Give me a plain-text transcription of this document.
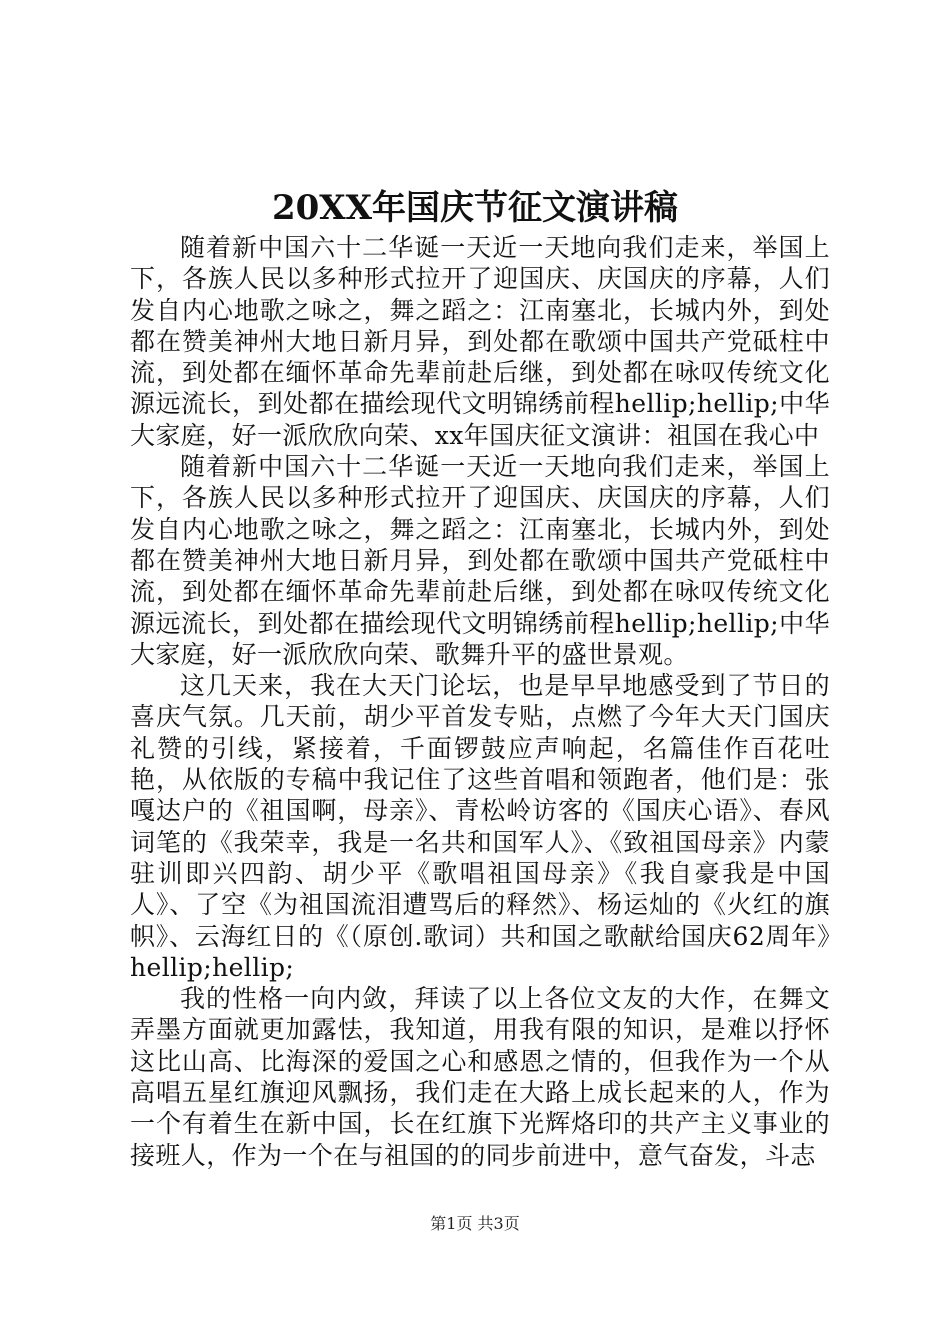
20XX年国庆节征文演讲稿

随着新中国六十二华诞一天近一天地向我们走来，举国上下，各族人民以多种形式拉开了迎国庆、庆国庆的序幕，人们发自内心地歌之咏之，舞之蹈之：江南塞北，长城内外，到处都在赞美神州大地日新月异，到处都在歌颂中国共产党砥柱中流，到处都在缅怀革命先辈前赴后继，到处都在咏叹传统文化源远流长，到处都在描绘现代文明锦绣前程hellip;hellip;中华大家庭，好一派欣欣向荣、xx年国庆征文演讲：祖国在我心中

随着新中国六十二华诞一天近一天地向我们走来，举国上下，各族人民以多种形式拉开了迎国庆、庆国庆的序幕，人们发自内心地歌之咏之，舞之蹈之：江南塞北，长城内外，到处都在赞美神州大地日新月异，到处都在歌颂中国共产党砥柱中流，到处都在缅怀革命先辈前赴后继，到处都在咏叹传统文化源远流长，到处都在描绘现代文明锦绣前程hellip;hellip;中华大家庭，好一派欣欣向荣、歌舞升平的盛世景观。

这几天来，我在大天门论坛，也是早早地感受到了节日的喜庆气氛。几天前，胡少平首发专贴，点燃了今年大天门国庆礼赞的引线，紧接着，千面锣鼓应声响起，名篇佳作百花吐艳，从依版的专稿中我记住了这些首唱和领跑者，他们是：张嘎达户的《祖国啊，母亲》、青松岭访客的《国庆心语》、春风词笔的《我荣幸，我是一名共和国军人》、《致祖国母亲》内蒙驻训即兴四韵、胡少平《歌唱祖国母亲》《我自豪我是中国人》、了空《为祖国流泪遭骂后的释然》、杨运灿的《火红的旗帜》、云海红日的《（原创.歌词）共和国之歌献给国庆62周年》hellip;hellip;

我的性格一向内敛，拜读了以上各位文友的大作，在舞文弄墨方面就更加露怯，我知道，用我有限的知识，是难以抒怀这比山高、比海深的爱国之心和感恩之情的，但我作为一个从高唱五星红旗迎风飘扬，我们走在大路上成长起来的人，作为一个有着生在新中国，长在红旗下光辉烙印的共产主义事业的接班人，作为一个在与祖国的的同步前进中，意气奋发，斗志

第1页 共3页
